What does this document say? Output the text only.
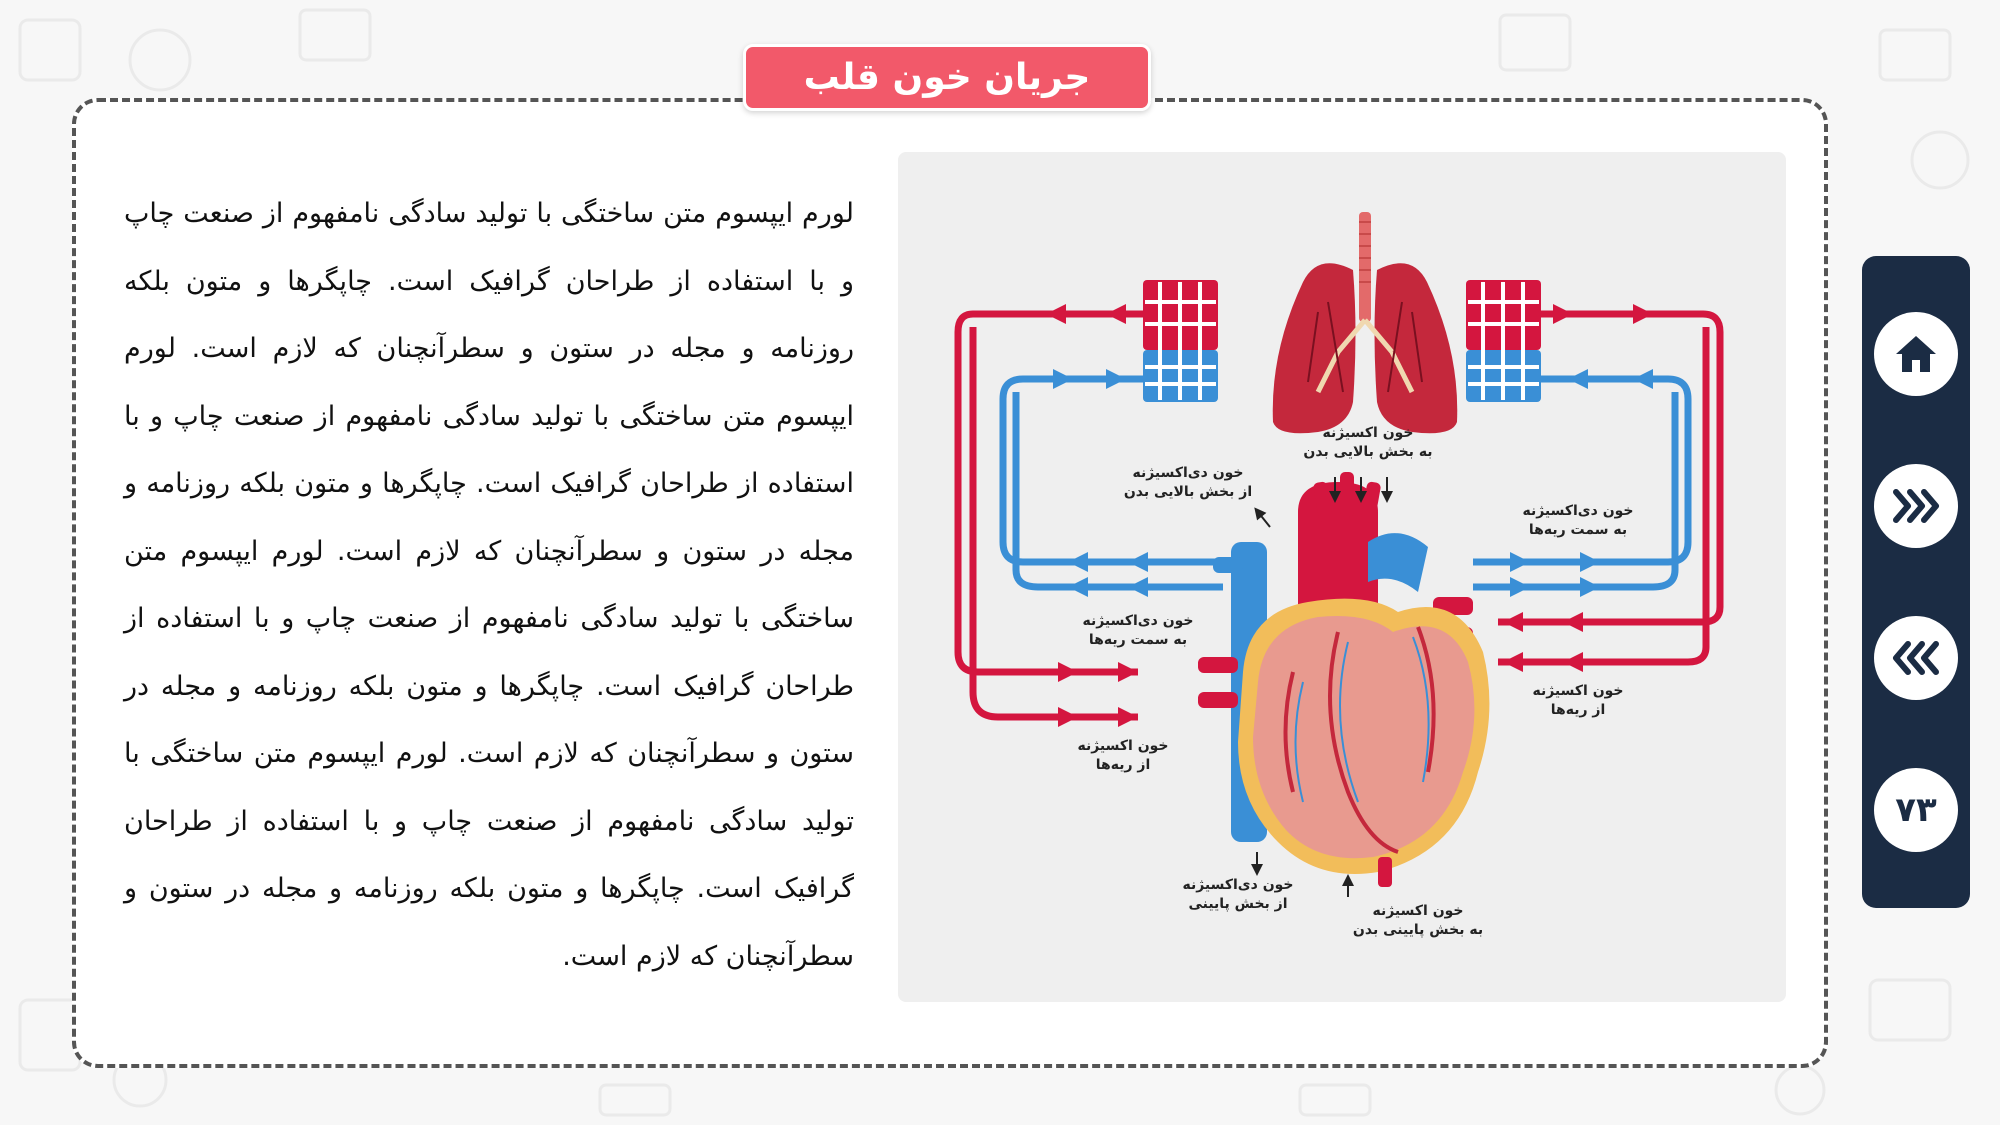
جریان خون قلب
لورم ایپسوم متن ساختگی با تولید سادگی نامفهوم از صنعت چاپ و با استفاده از طراحان گرافیک است. چاپگرها و متون بلکه روزنامه و مجله در ستون و سطرآنچنان که لازم است. لورم ایپسوم متن ساختگی با تولید سادگی نامفهوم از صنعت چاپ و با استفاده از طراحان گرافیک است. چاپگرها و متون بلکه روزنامه و مجله در ستون و سطرآنچنان که لازم است. لورم ایپسوم متن ساختگی با تولید سادگی نامفهوم از صنعت چاپ و با استفاده از طراحان گرافیک است. چاپگرها و متون بلکه روزنامه و مجله در ستون و سطرآنچنان که لازم است. لورم ایپسوم متن ساختگی با تولید سادگی نامفهوم از صنعت چاپ و با استفاده از طراحان گرافیک است. چاپگرها و متون بلکه روزنامه و مجله در ستون و سطرآنچنان که لازم است.
خون اکسیژنه
به بخش بالایی بدن
خون دی‌اکسیژنه
از بخش بالایی بدن
خون دی‌اکسیژنه
به سمت ریه‌ها
خون دی‌اکسیژنه
به سمت ریه‌ها
خون اکسیژنه
از ریه‌ها
خون اکسیژنه
از ریه‌ها
خون دی‌اکسیژنه
از بخش پایینی	خون اکسیژنه
به بخش پایینی بدن
۷۳
